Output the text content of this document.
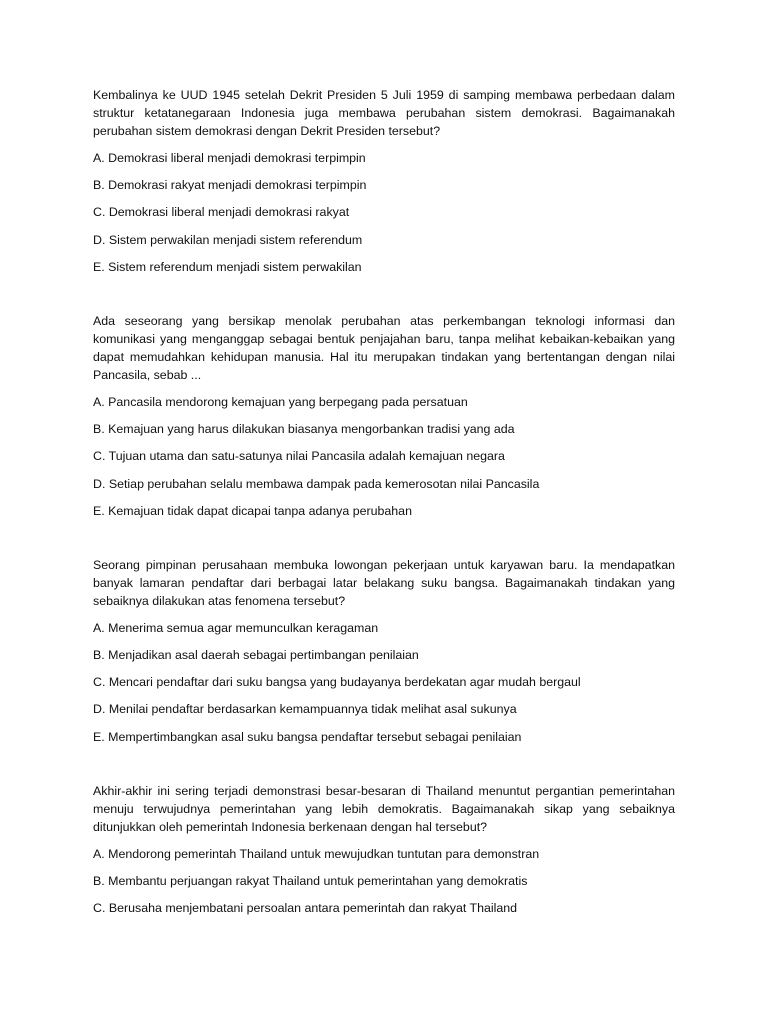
Kembalinya ke UUD 1945 setelah Dekrit Presiden 5 Juli 1959 di samping membawa perbedaan dalam struktur ketatanegaraan Indonesia juga membawa perubahan sistem demokrasi. Bagaimanakah perubahan sistem demokrasi dengan Dekrit Presiden tersebut?

A. Demokrasi liberal menjadi demokrasi terpimpin

B. Demokrasi rakyat menjadi demokrasi terpimpin

C. Demokrasi liberal menjadi demokrasi rakyat

D. Sistem perwakilan menjadi sistem referendum

E. Sistem referendum menjadi sistem perwakilan

Ada seseorang yang bersikap menolak perubahan atas perkembangan teknologi informasi dan komunikasi yang menganggap sebagai bentuk penjajahan baru, tanpa melihat kebaikan-kebaikan yang dapat memudahkan kehidupan manusia. Hal itu merupakan tindakan yang bertentangan dengan nilai Pancasila, sebab ...

A. Pancasila mendorong kemajuan yang berpegang pada persatuan

B. Kemajuan yang harus dilakukan biasanya mengorbankan tradisi yang ada

C. Tujuan utama dan satu-satunya nilai Pancasila adalah kemajuan negara

D. Setiap perubahan selalu membawa dampak pada kemerosotan nilai Pancasila

E. Kemajuan tidak dapat dicapai tanpa adanya perubahan

Seorang pimpinan perusahaan membuka lowongan pekerjaan untuk karyawan baru. Ia mendapatkan banyak lamaran pendaftar dari berbagai latar belakang suku bangsa. Bagaimanakah tindakan yang sebaiknya dilakukan atas fenomena tersebut?

A. Menerima semua agar memunculkan keragaman

B. Menjadikan asal daerah sebagai pertimbangan penilaian

C. Mencari pendaftar dari suku bangsa yang budayanya berdekatan agar mudah bergaul

D. Menilai pendaftar berdasarkan kemampuannya tidak melihat asal sukunya

E. Mempertimbangkan asal suku bangsa pendaftar tersebut sebagai penilaian

Akhir-akhir ini sering terjadi demonstrasi besar-besaran di Thailand menuntut pergantian pemerintahan menuju terwujudnya pemerintahan yang lebih demokratis. Bagaimanakah sikap yang sebaiknya ditunjukkan oleh pemerintah Indonesia berkenaan dengan hal tersebut?

A. Mendorong pemerintah Thailand untuk mewujudkan tuntutan para demonstran

B. Membantu perjuangan rakyat Thailand untuk pemerintahan yang demokratis

C. Berusaha menjembatani persoalan antara pemerintah dan rakyat Thailand
